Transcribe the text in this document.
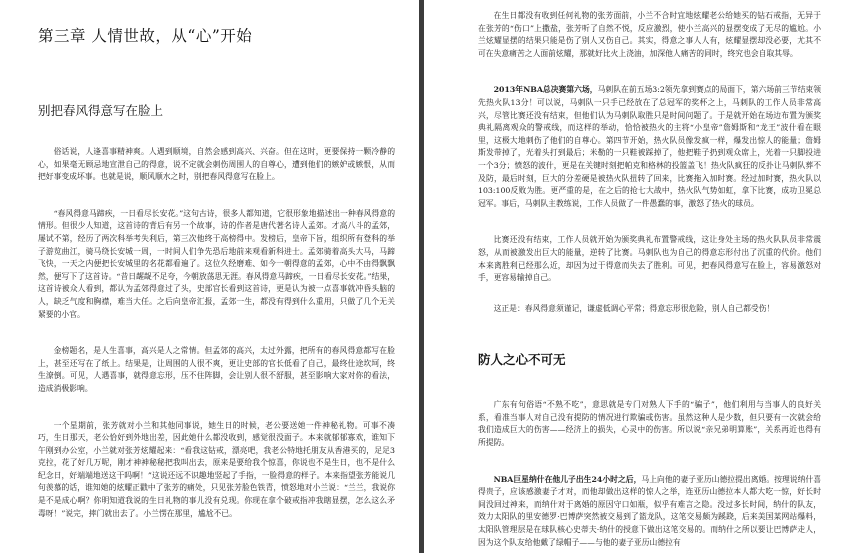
第三章 人情世故，从“心”开始
别把春风得意写在脸上

俗话说，人逢喜事精神爽。人遇到顺境，自然会感到高兴、兴奋。但在这时，更要保持一颗冷静的心，如果毫无顾忌地宣泄自己的得意，说不定就会刺伤周围人的自尊心，遭到他们的嫉妒或嫉恨，从而把好事变成坏事。也就是说，顺风顺水之时，别把春风得意写在脸上。

“春风得意马蹄疾，一日看尽长安花。”这句古诗，很多人都知道，它很形象地描述出一种春风得意的情形。但很少人知道，这首诗的背后有另一个故事，诗的作者是唐代著名诗人孟郊。才高八斗的孟郊，屡试不第，经历了两次科举考失利后，第三次他终于高榜得中。发榜后，皇帝下旨，组织所有登科的举子游览曲江，骑马绕长安城一周，一时间人们争先恐后地前来观看新科进士。孟郊骑着高头大马，马蹄飞快，一天之内便把长安城里的名花都看遍了。这位久经磨难、如今一朝得意的孟郊，心中不由得飘飘然，便写下了这首诗。“昔日龌龊不足夸，今朝放荡思无涯。春风得意马蹄疾，一日看尽长安花。”结果，这首诗被众人看到，都认为孟郊得意过了头，史部官长看到这首诗，更是认为被一点喜事就冲昏头脑的人，缺乏气度和胸襟，难当大任。之后向皇帝汇报，孟郊一生，都没有得到什么重用，只做了几个无关紧要的小官。

金榜题名，是人生喜事，高兴是人之常情。但孟郊的高兴，太过外露，把所有的春风得意都写在脸上，甚至还写在了纸上。结果是，让周围的人很不爽，更让史部的官长低看了自己，最终仕途坎坷，终生潦倒。可见，人遇喜事，就得意忘形，压不住阵脚，会让别人很不舒服，甚至影响大家对你的看法，造成消极影响。

一个星期前，张芳就对小兰和其他同事说，她生日的时候，老公要送她一件神秘礼物。可事不凑巧，生日那天，老公恰好到外地出差，因此她什么都没收到，感觉很没面子。本来就郁郁寡欢，谁知下午刚到办公室，小兰就对张芳炫耀起来：“看我这钻戒，漂亮吧，我老公特地托朋友从香港买的，足足3克拉，花了好几万呢，刚才神神秘秘把我叫出去，原来是要给我个惊喜，你说也不是生日，也不是什么纪念日，好端端地送这干吗啊！”这说还远不识趣地竖起了手指，一脸得意的样子。本来指望张芳能说几句羡慕的话，谁知她的炫耀正戳中了张芳的痛处，只见张芳脸色铁青，愤怒地对小兰说：“兰兰，我说你是不是成心啊？你明知道我说的生日礼物的事儿没有兑现。你现在拿个破戒指冲我瞎显摆，怎么这么矛毒呀！”说完，摔门就出去了。小兰愣在那里，尴尬不已。

在生日都没有收到任何礼物的张芳面前，小兰不合时宜地炫耀老公给她买的钻石戒指，无异于在张芳的“伤口”上撒盐，张芳听了自然不悦，反应激烈，使小兰高兴的显摆变成了无尽的尴尬。小兰炫耀显摆的结果只能是伤了别人又伤自己。其实，得意之事人人有，炫耀显摆却没必要，尤其不可在失意痛苦之人面前炫耀，那就好比火上浇油，加深他人痛苦的同时，终究也会自取其辱。

2013年NBA总决赛第六场，马刺队在前五场3:2领先拿到赛点的局面下，第六场前三节结束领先热火队13分！可以说，马刺队一只手已经放在了总冠军的奖杯之上，马刺队的工作人员非常高兴，尽管比赛还没有结束，但他们认为马刺队取胜只是时间问题了。于是就开始在场边布置为颁奖典礼隔离观众的警戒线，而这样的举动，恰恰被热火的主将“小皇帝”詹姆斯和“龙王”波什看在眼里，这极大地刺伤了他们的自尊心。第四节开始，热火队员像发疯一样，爆发出惊人的能量；詹姆斯发带掉了，光着头打到最后；米勒的一只鞋被踩掉了，他把鞋子扔到观众席上，光着一只脚投进一个3分；愤怒的波什，更是在关键时刻把帕克和格林的投篮盖飞！热火队疯狂的反扑让马刺队葬不及防，最后时刻，巨大的分差硬是被热火队扭转了回来，比赛拖入加时赛。经过加时赛，热火队以103:100反败为胜。更严重的是，在之后的抢七大战中，热火队气势如虹，拿下比赛，成功卫冕总冠军。事后，马刺队主教练说，工作人员做了一件愚蠢的事，激怒了热火的球员。

比赛还没有结束，工作人员就开始为颁奖典礼布置警戒线，这让身处主场的热火队队员非常震怒，从而被激发出巨大的能量，逆转了比赛。马刺队也为自己的得意忘形付出了沉重的代价。他们本来离胜利已经那么近，却因为过于得意而失去了胜利。可见，把春风得意写在脸上，容易激怒对手，更容易输掉自己。

这正是：春风得意须谨记，谦虚低调心平常；得意忘形很危险，别人自己都受伤！

防人之心不可无

广东有句俗语“不熟不吃”，意思就是专门对熟人下手的“骗子”，他们利用与当事人的良好关系，看准当事人对自己没有提防的情况进行欺骗或伤害。虽然这种人是少数，但只要有一次就会给我们造成巨大的伤害——经济上的损失，心灵中的伤害。所以说“亲兄弟明算账”，关系再近也得有所提防。

NBA巨星纳什在他儿子出生24小时之后，马上向他的妻子亚历山德拉提出离婚。按理说纳什喜得贵子，应该感激妻子才对，而他却做出这样的惊人之举，连亚历山德拉本人都大吃一惊，好长时间没回过神来，而纳什对于离婚的原因守口如瓶，似乎有难言之隐。没过多长时间，纳什的队友，效力太阳队的里安德罗·巴博萨突然被交易到了篮龙队，这笔交易颇为蹊跷，后来美国某网站爆料，太阳队管理层是在球队核心史蒂夫·纳什的授意下做出这笔交易的。而纳什之所以要让巴博萨走人，因为这个队友给他戴了绿帽子——与他的妻子亚历山德拉有
